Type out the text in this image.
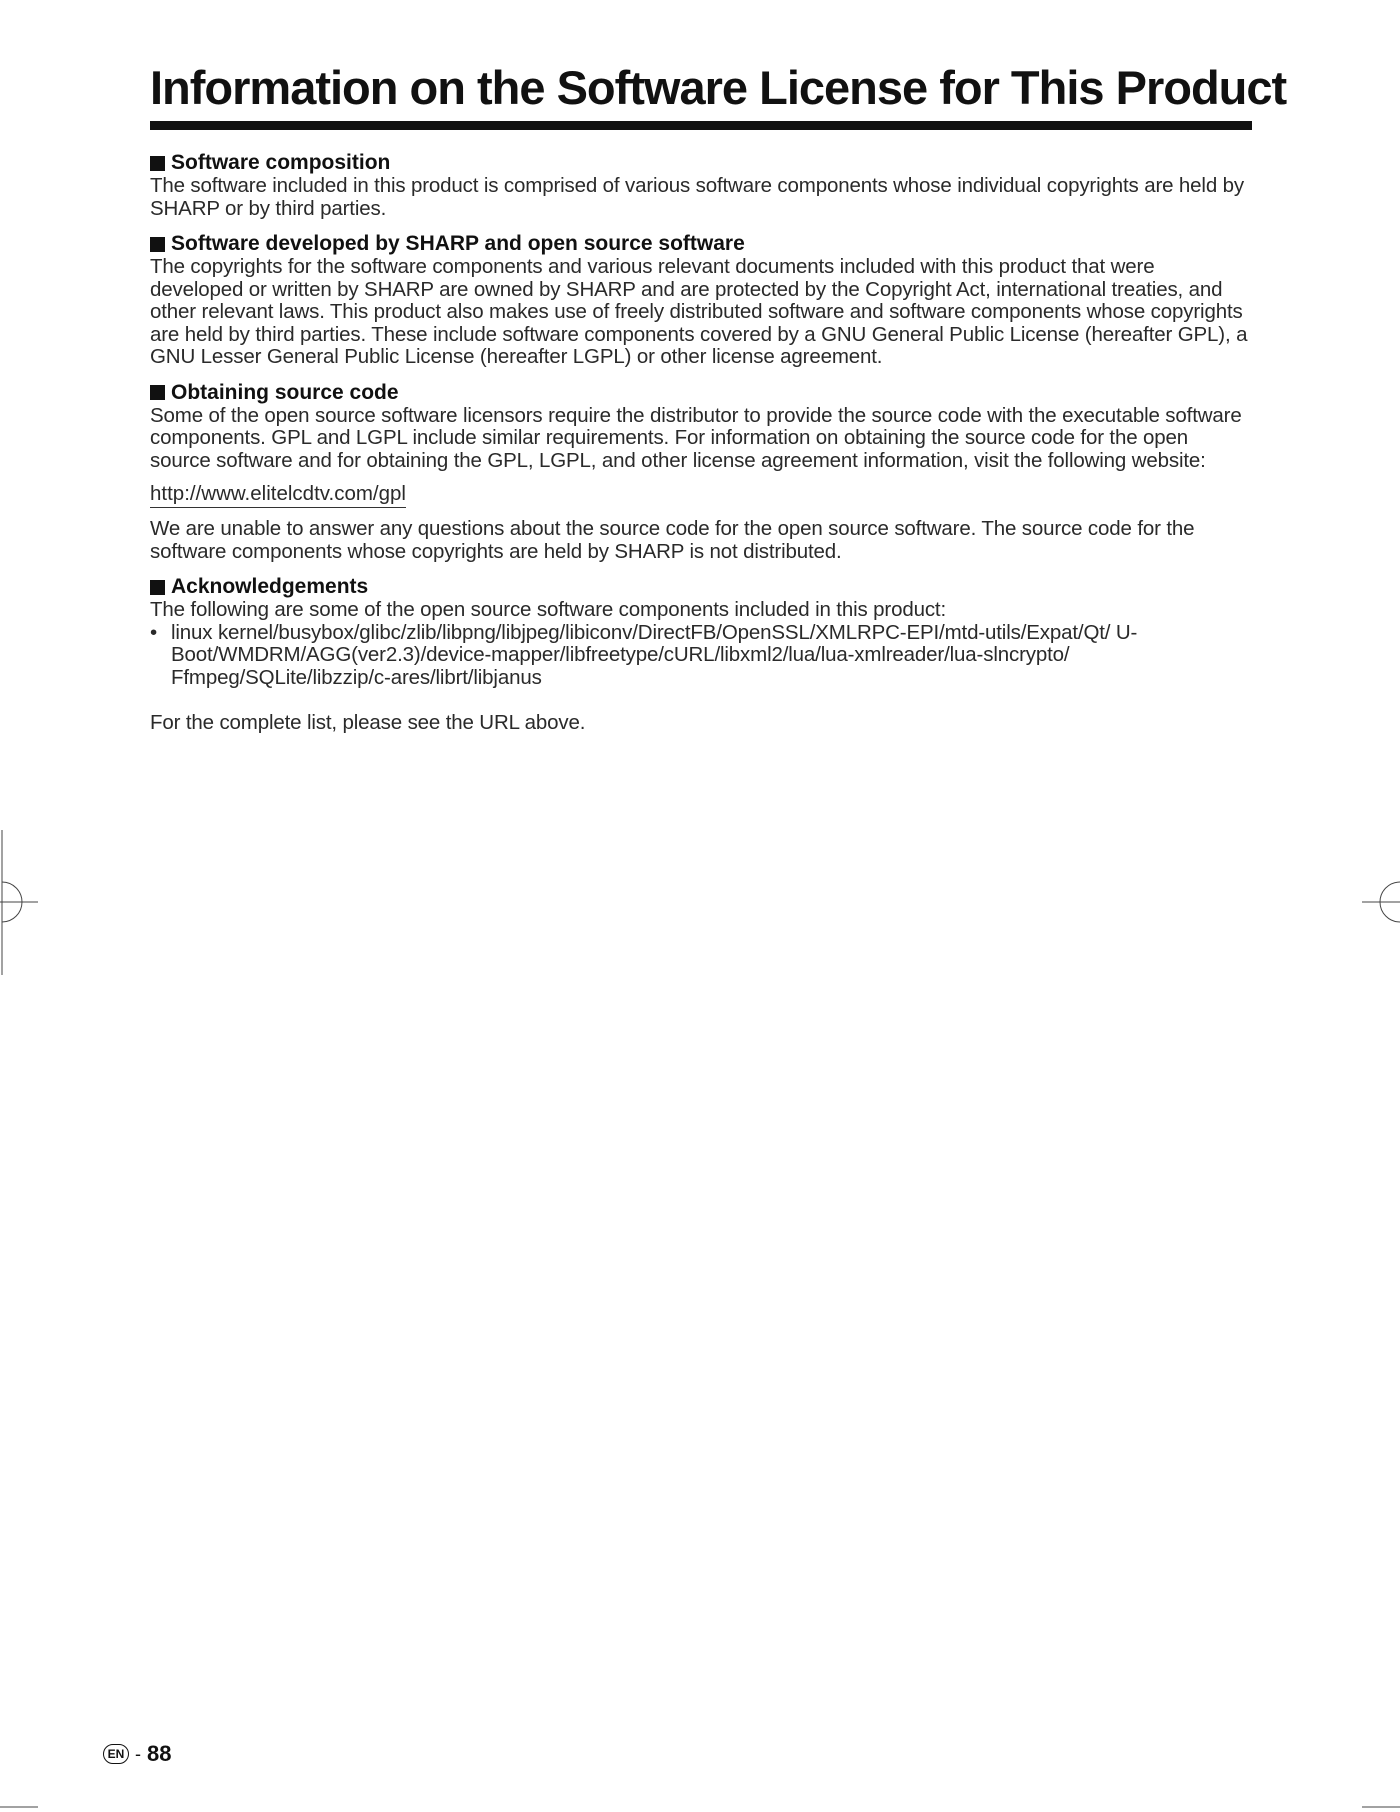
Information on the Software License for This Product
Software composition

The software included in this product is comprised of various software components whose individual copyrights are held by SHARP or by third parties.

Software developed by SHARP and open source software

The copyrights for the software components and various relevant documents included with this product that were developed or written by SHARP are owned by SHARP and are protected by the Copyright Act, international treaties, and other relevant laws. This product also makes use of freely distributed software and software components whose copyrights are held by third parties. These include software components covered by a GNU General Public License (hereafter GPL), a GNU Lesser General Public License (hereafter LGPL) or other license agreement.

Obtaining source code

Some of the open source software licensors require the distributor to provide the source code with the executable software components. GPL and LGPL include similar requirements. For information on obtaining the source code for the open source software and for obtaining the GPL, LGPL, and other license agreement information, visit the following website:

http://www.elitelcdtv.com/gpl

We are unable to answer any questions about the source code for the open source software. The source code for the software components whose copyrights are held by SHARP is not distributed.

Acknowledgements

The following are some of the open source software components included in this product:

• linux kernel/busybox/glibc/zlib/libpng/libjpeg/libiconv/DirectFB/OpenSSL/XMLRPC-EPI/mtd-utils/Expat/Qt/ U-Boot/WMDRM/AGG(ver2.3)/device-mapper/libfreetype/cURL/libxml2/lua/lua-xmlreader/lua-slncrypto/ Ffmpeg/SQLite/libzzip/c-ares/librt/libjanus

For the complete list, please see the URL above.

EN - 88
